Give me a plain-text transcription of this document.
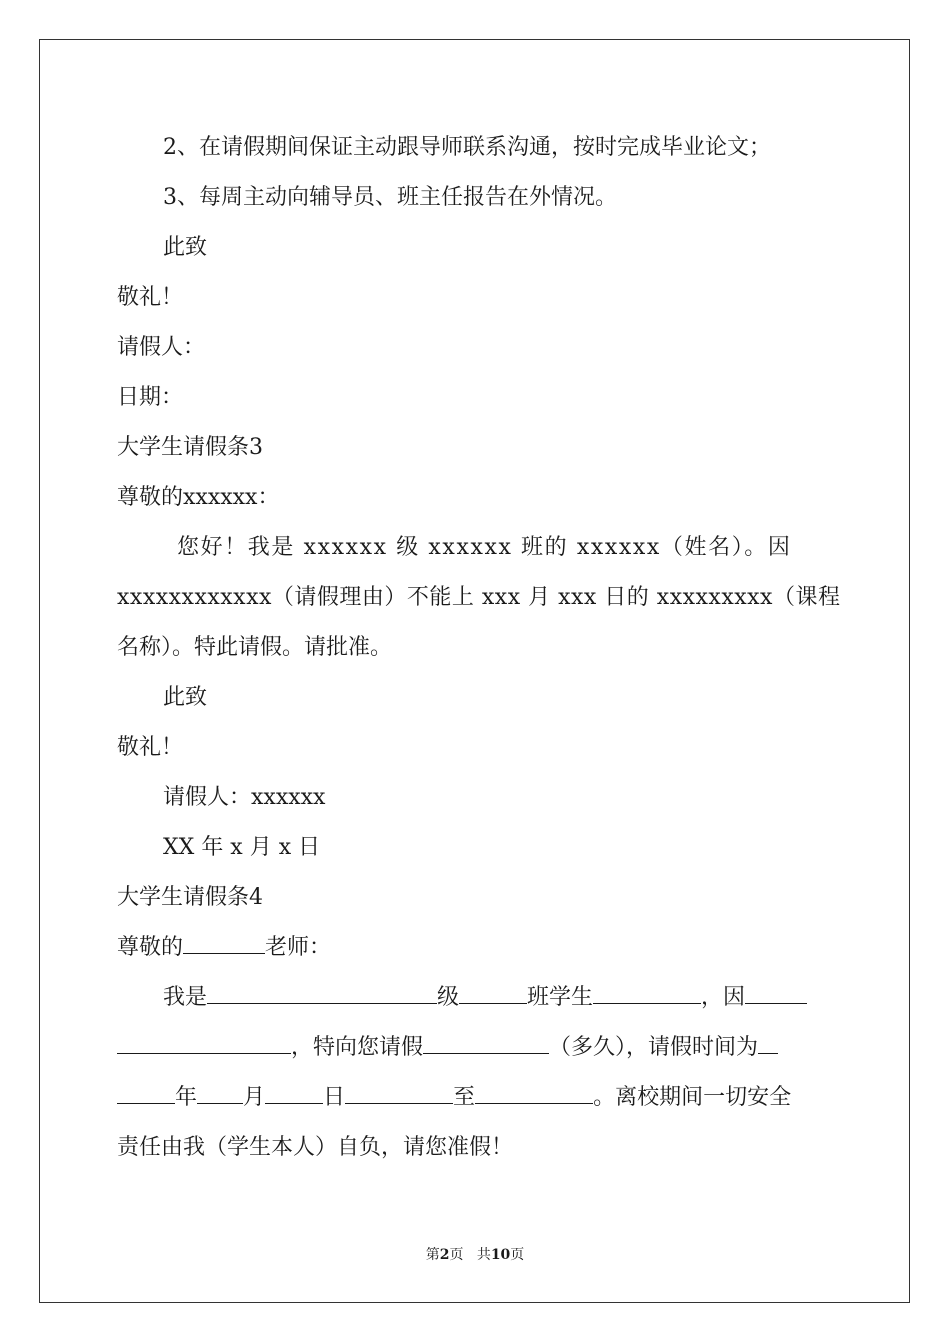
2、在请假期间保证主动跟导师联系沟通，按时完成毕业论文；
3、每周主动向辅导员、班主任报告在外情况。
此致
敬礼！
请假人：
日期：
大学生请假条3
尊敬的xxxxxx：
您好！我是 xxxxxx 级 xxxxxx 班的 xxxxxx（姓名）。因
xxxxxxxxxxxx（请假理由）不能上 xxx 月 xxx 日的 xxxxxxxxx（课程
名称）。特此请假。请批准。
此致
敬礼！
请假人：xxxxxx
XX 年 x 月 x 日
大学生请假条4
尊敬的	老师：
我是	级	班学生	，因
，特向您请假	（多久），请假时间为
年 月	日	至	。离校期间一切安全
责任由我（学生本人）自负，请您准假！
第2页 共10页
